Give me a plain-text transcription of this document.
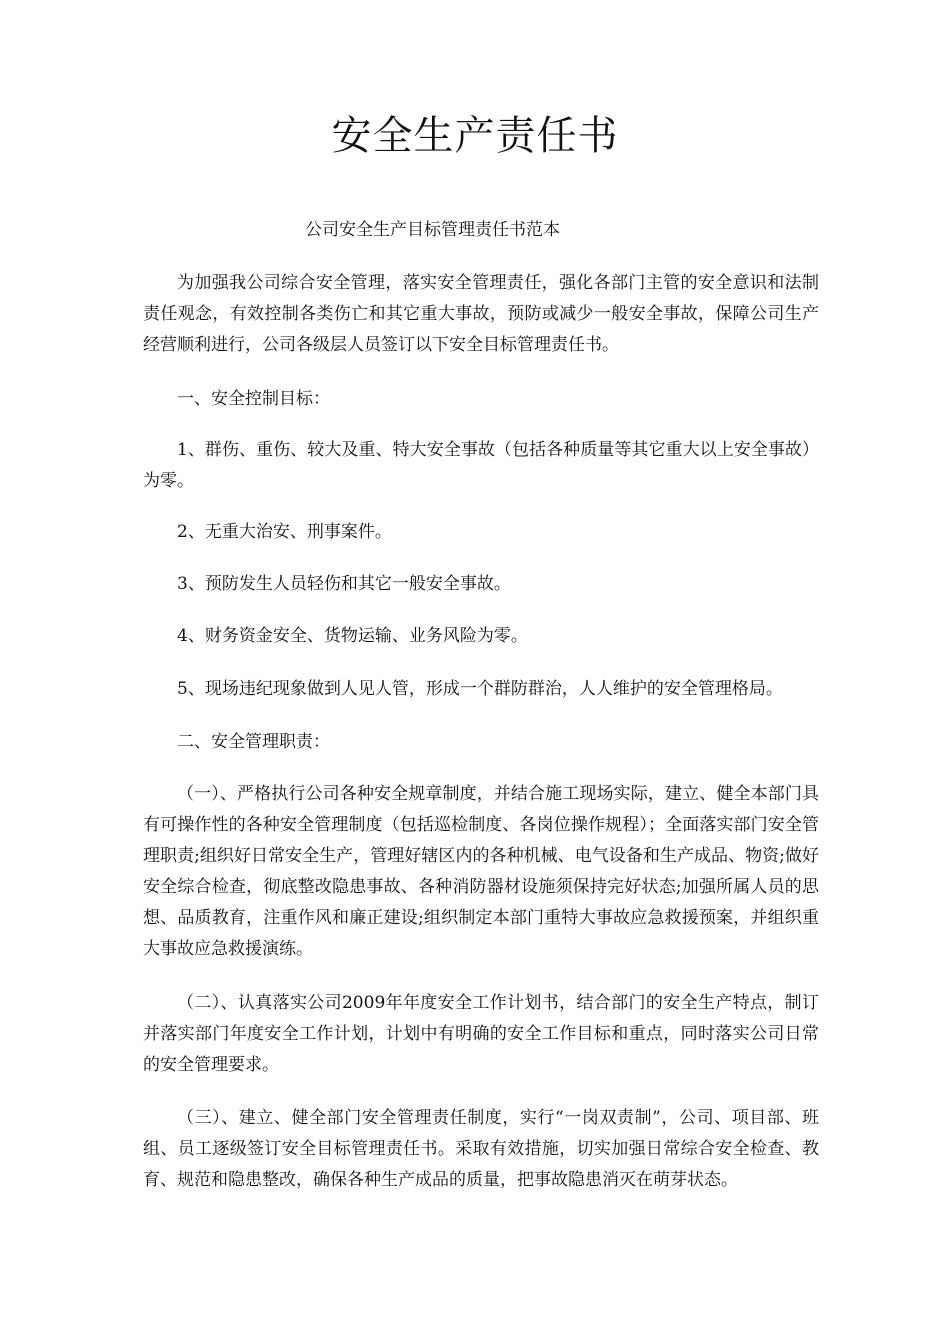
安全生产责任书

公司安全生产目标管理责任书范本

为加强我公司综合安全管理，落实安全管理责任，强化各部门主管的安全意识和法制责任观念，有效控制各类伤亡和其它重大事故，预防或减少一般安全事故，保障公司生产经营顺利进行，公司各级层人员签订以下安全目标管理责任书。

一、安全控制目标：

1、群伤、重伤、较大及重、特大安全事故（包括各种质量等其它重大以上安全事故）为零。

2、无重大治安、刑事案件。

3、预防发生人员轻伤和其它一般安全事故。

4、财务资金安全、货物运输、业务风险为零。

5、现场违纪现象做到人见人管，形成一个群防群治，人人维护的安全管理格局。

二、安全管理职责：

（一）、严格执行公司各种安全规章制度，并结合施工现场实际，建立、健全本部门具有可操作性的各种安全管理制度（包括巡检制度、各岗位操作规程）；全面落实部门安全管理职责;组织好日常安全生产，管理好辖区内的各种机械、电气设备和生产成品、物资;做好安全综合检查，彻底整改隐患事故、各种消防器材设施须保持完好状态;加强所属人员的思想、品质教育，注重作风和廉正建设;组织制定本部门重特大事故应急救援预案，并组织重大事故应急救援演练。

（二）、认真落实公司2009年年度安全工作计划书，结合部门的安全生产特点，制订并落实部门年度安全工作计划，计划中有明确的安全工作目标和重点，同时落实公司日常的安全管理要求。

（三）、建立、健全部门安全管理责任制度，实行“一岗双责制”，公司、项目部、班组、员工逐级签订安全目标管理责任书。采取有效措施，切实加强日常综合安全检查、教育、规范和隐患整改，确保各种生产成品的质量，把事故隐患消灭在萌芽状态。
